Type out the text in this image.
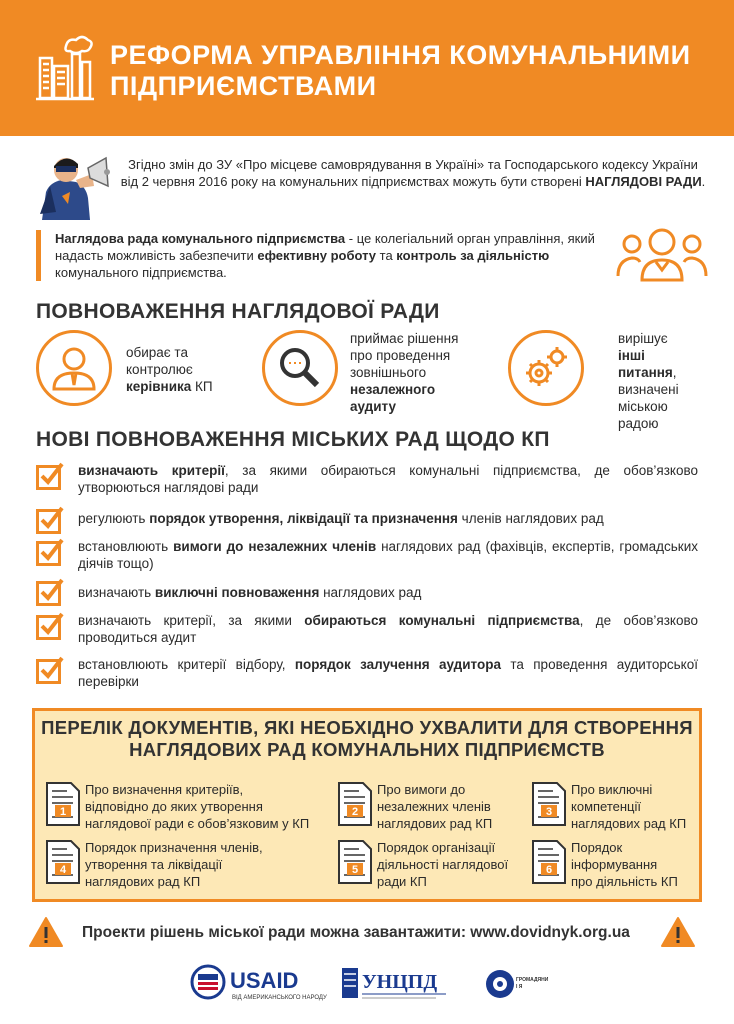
РЕФОРМА УПРАВЛІННЯ КОМУНАЛЬНИМИ
ПІДПРИЄМСТВАМИ
Згідно змін до ЗУ «Про місцеве самоврядування в Україні» та Господарського кодексу України від 2 червня 2016 року на комунальних підприємствах можуть бути створені НАГЛЯДОВІ РАДИ.
Наглядова рада комунального підприємства - це колегіальний орган управління, який надасть можливість забезпечити ефективну роботу та контроль за діяльністю комунального підприємства.
ПОВНОВАЖЕННЯ НАГЛЯДОВОЇ РАДИ
обирає та
контролює
керівника КП
приймає рішення
про проведення
зовнішнього
незалежного
аудиту
вирішує інші
питання,
визначені
міською
радою
НОВІ ПОВНОВАЖЕННЯ МІСЬКИХ РАД ЩОДО КП
визначають критерії, за якими обираються комунальні підприємства, де обов’язково утворюються наглядові ради
регулюють порядок утворення, ліквідації та призначення членів наглядових рад
встановлюють вимоги до незалежних членів наглядових рад (фахівців, експертів, громадських діячів тощо)
визначають виключні повноваження наглядових рад
визначають критерії, за якими обираються комунальні підприємства, де обов’язково проводиться аудит
встановлюють критерії відбору, порядок залучення аудитора та проведення аудиторської перевірки
ПЕРЕЛІК ДОКУМЕНТІВ, ЯКІ НЕОБХІДНО УХВАЛИТИ ДЛЯ СТВОРЕННЯ
НАГЛЯДОВИХ РАД КОМУНАЛЬНИХ ПІДПРИЄМСТВ
1
Про визначення критеріїв,
відповідно до яких утворення
наглядової ради є обов’язковим у КП
2
Про вимоги до
незалежних членів
наглядових рад КП
3
Про виключні
компетенції
наглядових рад КП
4
Порядок призначення членів,
утворення та ліквідації
наглядових рад КП
5
Порядок організації
діяльності наглядової
ради КП
6
Порядок
інформування
про діяльність КП
Проекти рішень міської ради можна завантажити: www.dovidnyk.org.ua
USAID
ВІД АМЕРИКАНСЬКОГО НАРОДУ
УНЦПД	ГРОМАДЯНИ
І Я
